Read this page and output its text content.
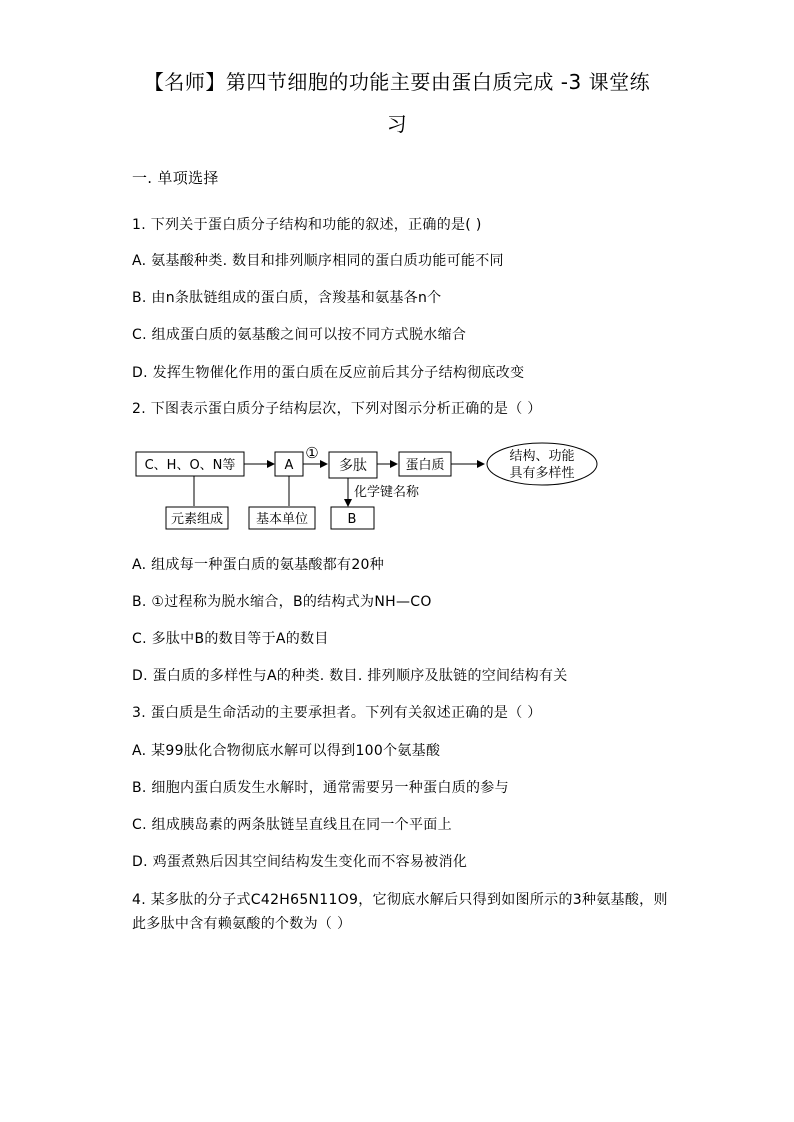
【名师】第四节细胞的功能主要由蛋白质完成 -3 课堂练
习
一. 单项选择
1. 下列关于蛋白质分子结构和功能的叙述，正确的是( )
A. 氨基酸种类. 数目和排列顺序相同的蛋白质功能可能不同
B. 由n条肽链组成的蛋白质，含羧基和氨基各n个
C. 组成蛋白质的氨基酸之间可以按不同方式脱水缩合
D. 发挥生物催化作用的蛋白质在反应前后其分子结构彻底改变
2. 下图表示蛋白质分子结构层次，下列对图示分析正确的是（ ）
C、H、O、N等	A
①
多肽	蛋白质
结构、功能
具有多样性
元素组成	基本单位	B
化学键名称
A. 组成每一种蛋白质的氨基酸都有20种
B. ①过程称为脱水缩合，B的结构式为NH—CO
C. 多肽中B的数目等于A的数目
D. 蛋白质的多样性与A的种类. 数目. 排列顺序及肽链的空间结构有关
3. 蛋白质是生命活动的主要承担者。下列有关叙述正确的是（ ）
A. 某99肽化合物彻底水解可以得到100个氨基酸
B. 细胞内蛋白质发生水解时，通常需要另一种蛋白质的参与
C. 组成胰岛素的两条肽链呈直线且在同一个平面上
D. 鸡蛋煮熟后因其空间结构发生变化而不容易被消化
4. 某多肽的分子式C42H65N11O9，它彻底水解后只得到如图所示的3种氨基酸，则
此多肽中含有赖氨酸的个数为（ ）
